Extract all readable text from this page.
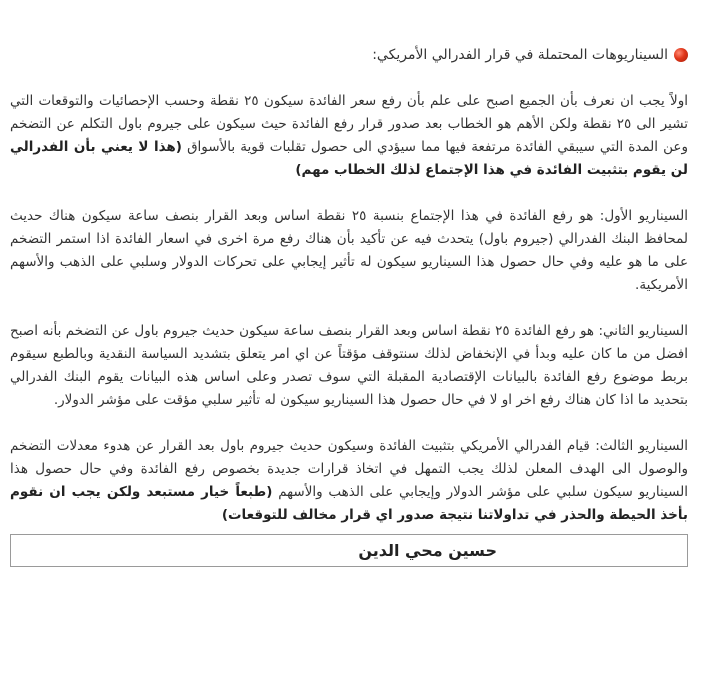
السيناريوهات المحتملة في قرار الفدرالي الأمريكي:

اولاً يجب ان نعرف بأن الجميع اصبح على علم بأن رفع سعر الفائدة سيكون ٢٥ نقطة وحسب الإحصائيات والتوقعات التي تشير الى ٢٥ نقطة ولكن الأهم هو الخطاب بعد صدور قرار رفع الفائدة حيث سيكون على جيروم باول التكلم عن التضخم وعن المدة التي سيبقي الفائدة مرتفعة فيها مما سيؤدي الى حصول تقلبات قوية بالأسواق (هذا لا يعني بأن الفدرالي لن يقوم بتثبيت الفائدة في هذا الإجتماع لذلك الخطاب مهم)

السيناريو الأول: هو رفع الفائدة في هذا الإجتماع بنسبة ٢٥ نقطة اساس وبعد القرار بنصف ساعة سيكون هناك حديث لمحافظ البنك الفدرالي (جيروم باول) يتحدث فيه عن تأكيد بأن هناك رفع مرة اخرى في اسعار الفائدة اذا استمر التضخم على ما هو عليه وفي حال حصول هذا السيناريو سيكون له تأثير إيجابي على تحركات الدولار وسلبي على الذهب والأسهم الأمريكية.

السيناريو الثاني: هو رفع الفائدة ٢٥ نقطة اساس وبعد القرار بنصف ساعة سيكون حديث جيروم باول عن التضخم بأنه اصبح افضل من ما كان عليه وبدأ في الإنخفاض لذلك سنتوقف مؤقتاً عن اي امر يتعلق بتشديد السياسة النقدية وبالطبع سيقوم بربط موضوع رفع الفائدة بالبيانات الإقتصادية المقبلة التي سوف تصدر وعلى اساس هذه البيانات يقوم البنك الفدرالي بتحديد ما اذا كان هناك رفع اخر او لا في حال حصول هذا السيناريو سيكون له تأثير سلبي مؤقت على مؤشر الدولار.

السيناريو الثالث: قيام الفدرالي الأمريكي بتثبيت الفائدة وسيكون حديث جيروم باول بعد القرار عن هدوء معدلات التضخم والوصول الى الهدف المعلن لذلك يجب التمهل في اتخاذ قرارات جديدة بخصوص رفع الفائدة وفي حال حصول هذا السيناريو سيكون سلبي على مؤشر الدولار وإيجابي على الذهب والأسهم (طبعاً خيار مستبعد ولكن يجب ان نقوم بأخذ الحيطة والحذر في تداولاتنا نتيجة صدور اي قرار مخالف للتوقعات)

حسين محي الدين
